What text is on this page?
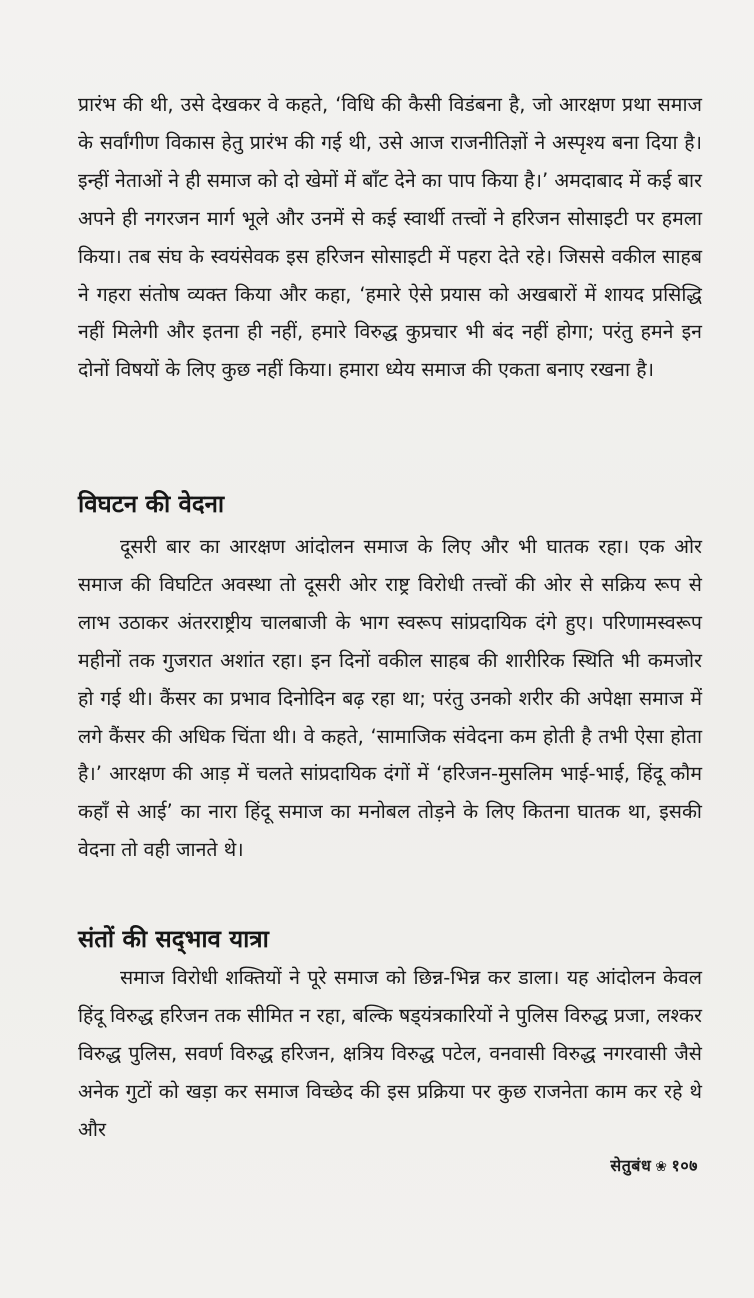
प्रारंभ की थी, उसे देखकर वे कहते, ‘विधि की कैसी विडंबना है, जो आरक्षण प्रथा समाज के सर्वांगीण विकास हेतु प्रारंभ की गई थी, उसे आज राजनीतिज्ञों ने अस्पृश्य बना दिया है। इन्हीं नेताओं ने ही समाज को दो खेमों में बाँट देने का पाप किया है।’ अमदाबाद में कई बार अपने ही नगरजन मार्ग भूले और उनमें से कई स्वार्थी तत्त्वों ने हरिजन सोसाइटी पर हमला किया। तब संघ के स्वयंसेवक इस हरिजन सोसाइटी में पहरा देते रहे। जिससे वकील साहब ने गहरा संतोष व्यक्त किया और कहा, ‘हमारे ऐसे प्रयास को अखबारों में शायद प्रसिद्धि नहीं मिलेगी और इतना ही नहीं, हमारे विरुद्ध कुप्रचार भी बंद नहीं होगा; परंतु हमने इन दोनों विषयों के लिए कुछ नहीं किया। हमारा ध्येय समाज की एकता बनाए रखना है।

विघटन की वेदना

दूसरी बार का आरक्षण आंदोलन समाज के लिए और भी घातक रहा। एक ओर समाज की विघटित अवस्था तो दूसरी ओर राष्ट्र विरोधी तत्त्वों की ओर से सक्रिय रूप से लाभ उठाकर अंतरराष्ट्रीय चालबाजी के भाग स्वरूप सांप्रदायिक दंगे हुए। परिणामस्वरूप महीनों तक गुजरात अशांत रहा। इन दिनों वकील साहब की शारीरिक स्थिति भी कमजोर हो गई थी। कैंसर का प्रभाव दिनोदिन बढ़ रहा था; परंतु उनको शरीर की अपेक्षा समाज में लगे कैंसर की अधिक चिंता थी। वे कहते, ‘सामाजिक संवेदना कम होती है तभी ऐसा होता है।’ आरक्षण की आड़ में चलते सांप्रदायिक दंगों में ‘हरिजन-मुसलिम भाई-भाई, हिंदू कौम कहाँ से आई’ का नारा हिंदू समाज का मनोबल तोड़ने के लिए कितना घातक था, इसकी वेदना तो वही जानते थे।

संतों की सद्‌भाव यात्रा

समाज विरोधी शक्तियों ने पूरे समाज को छिन्न-भिन्न कर डाला। यह आंदोलन केवल हिंदू विरुद्ध हरिजन तक सीमित न रहा, बल्कि षड्‌यंत्रकारियों ने पुलिस विरुद्ध प्रजा, लश्कर विरुद्ध पुलिस, सवर्ण विरुद्ध हरिजन, क्षत्रिय विरुद्ध पटेल, वनवासी विरुद्ध नगरवासी जैसे अनेक गुटों को खड़ा कर समाज विच्छेद की इस प्रक्रिया पर कुछ राजनेता काम कर रहे थे और

सेतुबंध ❀ १०७
